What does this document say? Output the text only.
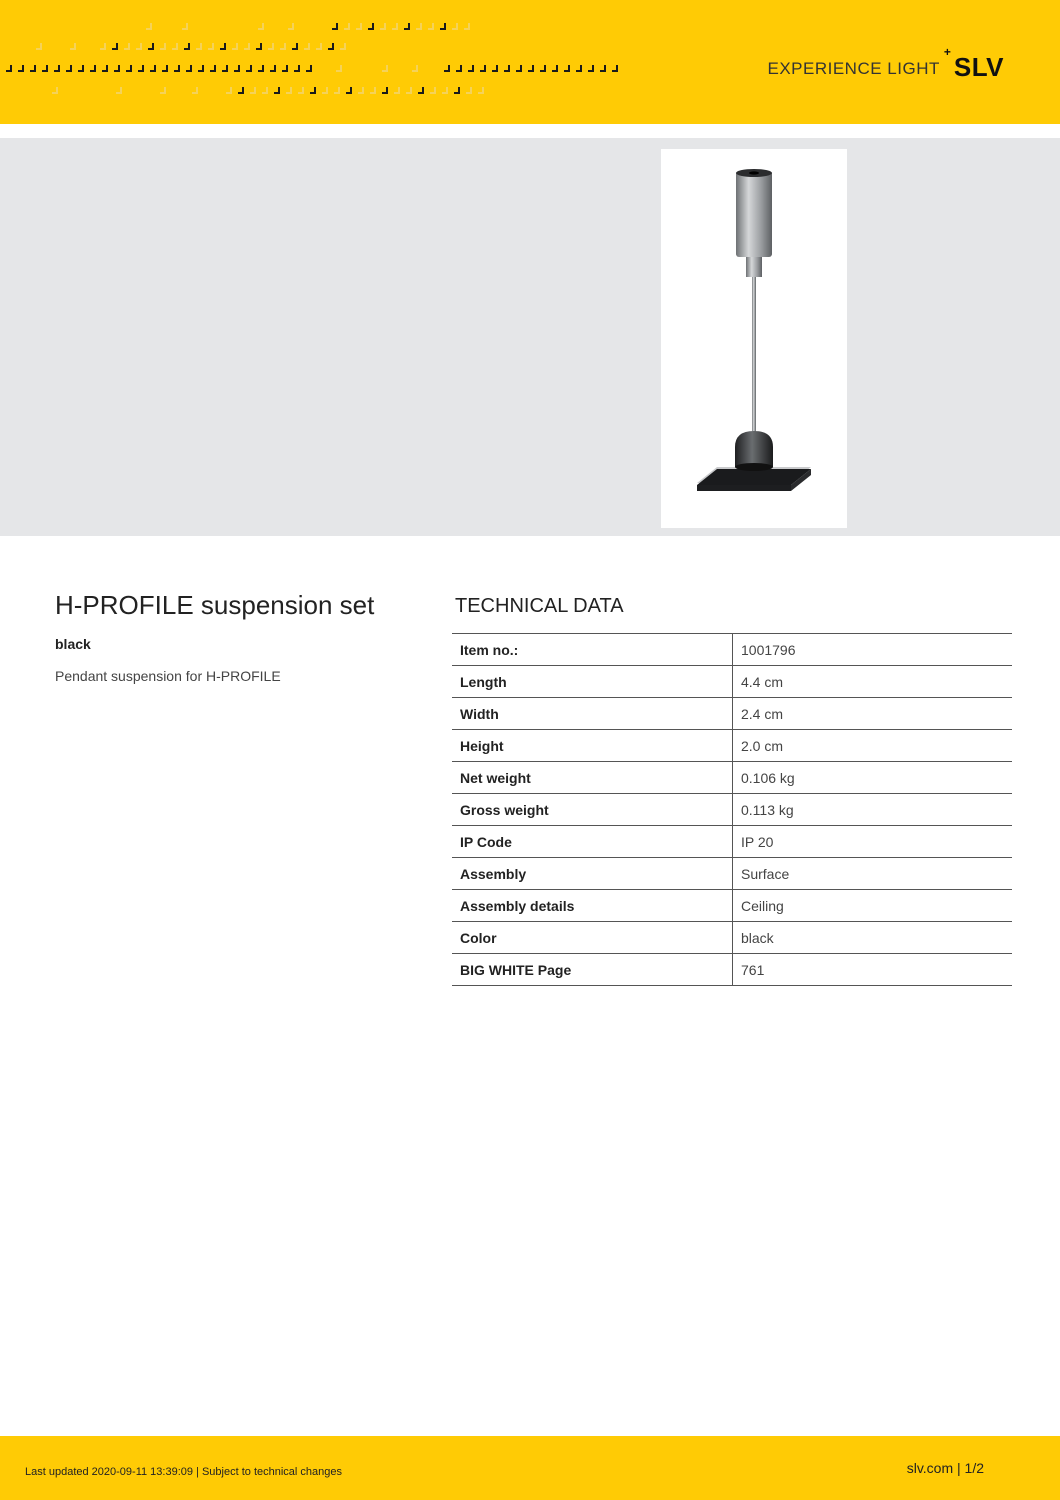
EXPERIENCE LIGHT
+ SLV
H-PROFILE suspension set
black
Pendant suspension for H-PROFILE
TECHNICAL DATA
Item no.:	1001796
Length	4.4 cm
Width	2.4 cm
Height	2.0 cm
Net weight	0.106 kg
Gross weight	0.113 kg
IP Code	IP 20
Assembly	Surface
Assembly details	Ceiling
Color	black
BIG WHITE Page	761
Last updated 2020-09-11 13:39:09 | Subject to technical changes	slv.com | 1/2
